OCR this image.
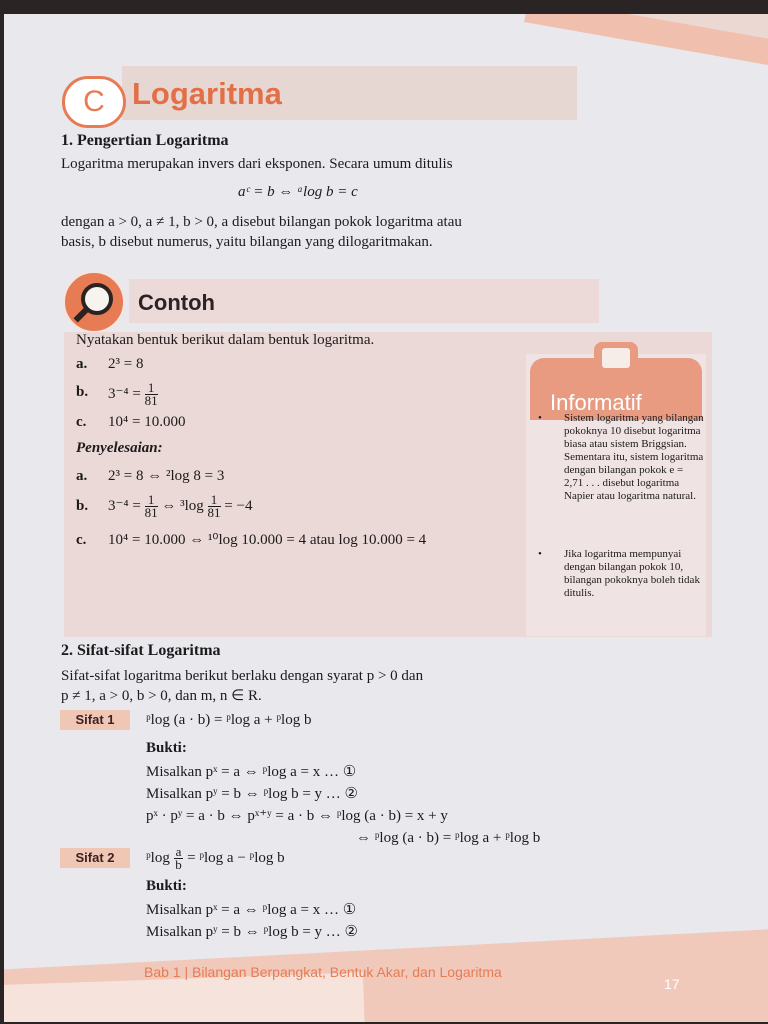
C Logaritma
1. Pengertian Logaritma
Logaritma merupakan invers dari eksponen. Secara umum ditulis
aᶜ = b ⇔ ᵃlog b = c
dengan a > 0, a ≠ 1, b > 0, a disebut bilangan pokok logaritma atau
basis, b disebut numerus, yaitu bilangan yang dilogaritmakan.
Contoh
Nyatakan bentuk berikut dalam bentuk logaritma.
a. 2³ = 8
b. $3^{-4} = \frac{1}{81}$
c. 10⁴ = 10.000
Penyelesaian:
a. 2³ = 8 ⇔ ²log 8 = 3
b. $3^{-4} = \frac{1}{81}$ ⇔ $^3\log \frac{1}{81} = -4$
c. 10⁴ = 10.000 ⇔ ¹⁰log 10.000 = 4 atau log 10.000 = 4
Informatif
• Sistem logaritma yang bilangan pokoknya 10 disebut logaritma biasa atau sistem Briggsian. Sementara itu, sistem logaritma dengan bilangan pokok e = 2,71 . . . disebut logaritma Napier atau logaritma natural.
• Jika logaritma mempunyai dengan bilangan pokok 10, bilangan pokoknya boleh tidak ditulis.
2. Sifat-sifat Logaritma
Sifat-sifat logaritma berikut berlaku dengan syarat p > 0 dan
p ≠ 1, a > 0, b > 0, dan m, n ∈ R.
Sifat 1	ᵖlog (a · b) = ᵖlog a + ᵖlog b
Bukti:
Misalkan pˣ = a ⇔ ᵖlog a = x … ①
Misalkan pʸ = b ⇔ ᵖlog b = y … ②
pˣ · pʸ = a · b ⇔ pˣ⁺ʸ = a · b ⇔ ᵖlog (a · b) = x + y
⇔ ᵖlog (a · b) = ᵖlog a + ᵖlog b
Sifat 2	ᵖlog $\frac{a}{b}$ = ᵖlog a − ᵖlog b
Bukti:
Misalkan pˣ = a ⇔ ᵖlog a = x … ①
Misalkan pʸ = b ⇔ ᵖlog b = y … ②
Bab 1 | Bilangan Berpangkat, Bentuk Akar, dan Logaritma
17
